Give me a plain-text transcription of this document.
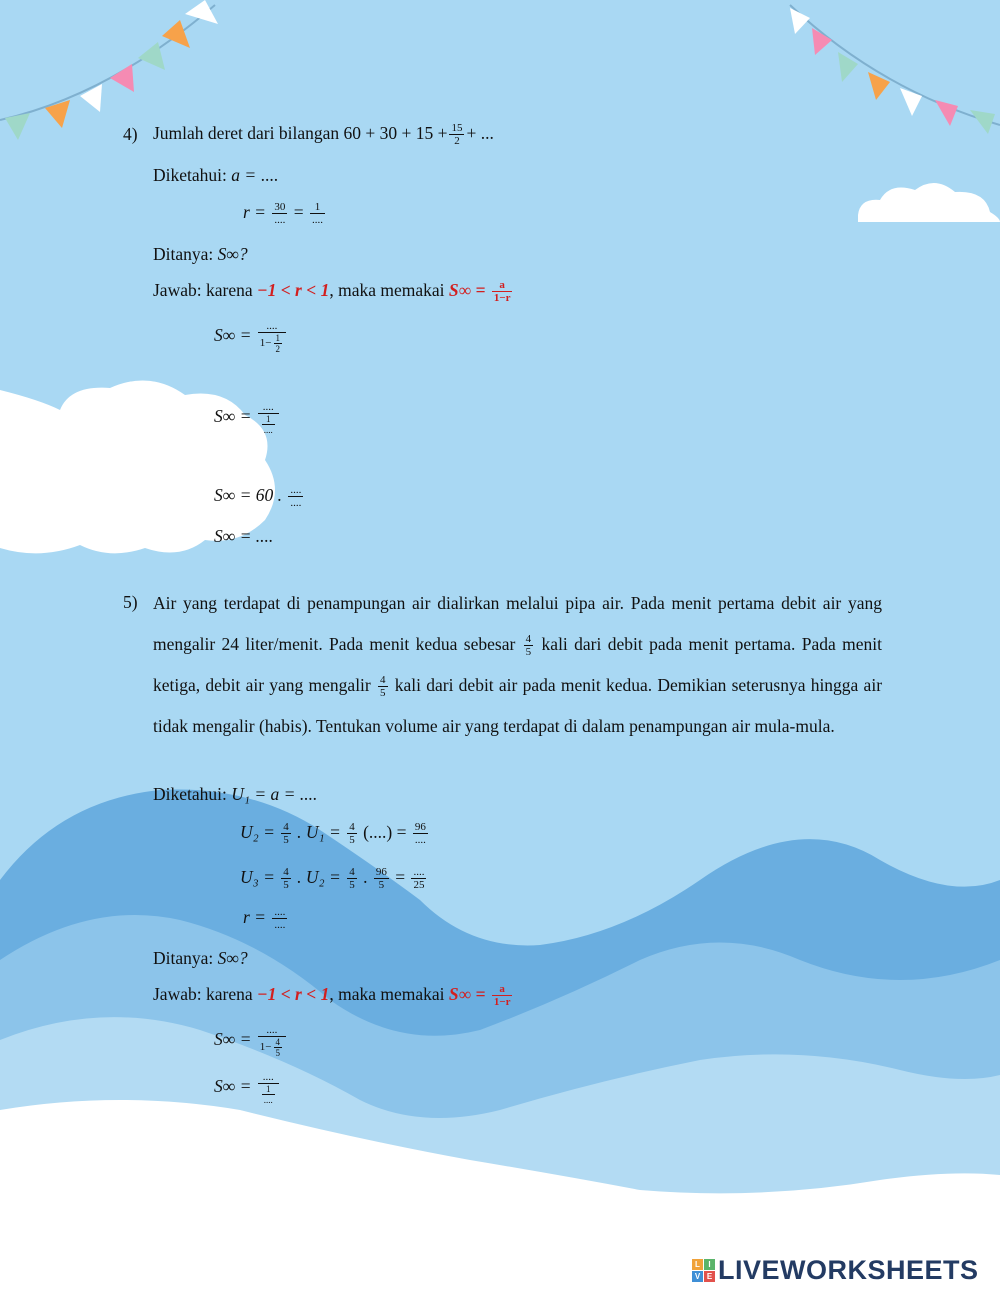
4) Jumlah deret dari bilangan $60 + 30 + 15 + \frac{15}{2}$ + ...
Diketahui: a = ....
$r = \frac{30}{....} = \frac{1}{....}$
Ditanya: S∞?
Jawab: karena −1 < r < 1, maka memakai $S\infty = \frac{a}{1-r}$
$S\infty = \frac{....}{1- \frac{1}{2}}$
$S\infty = \frac{....}{\frac{1}{....}}$
S∞ = 60 . $\frac{....}{....}$
S∞ = ....
5) Air yang terdapat di penampungan air dialirkan melalui pipa air. Pada menit pertama debit air yang mengalir 24 liter/menit. Pada menit kedua sebesar $\frac{4}{5}$ kali dari debit pada menit pertama. Pada menit ketiga, debit air yang mengalir $\frac{4}{5}$ kali dari debit air pada menit kedua. Demikian seterusnya hingga air tidak mengalir (habis). Tentukan volume air yang terdapat di dalam penampungan air mula-mula.
Diketahui: U₁ = a = ....
$U_2 = \frac{4}{5}$ . $U_1 = \frac{4}{5}$ (....) = $\frac{96}{....}$
$U_3 = \frac{4}{5}$ . $U_2 = \frac{4}{5}$ . $\frac{96}{5} = \frac{....}{25}$
$r = \frac{....}{....}$
Ditanya: S∞?
Jawab: karena −1 < r < 1, maka memakai $S\infty = \frac{a}{1-r}$
$S\infty = \frac{....}{1- \frac{4}{5}}$
$S\infty = \frac{....}{\frac{1}{....}}$
L	I
V E LIVEWORKSHEETS
